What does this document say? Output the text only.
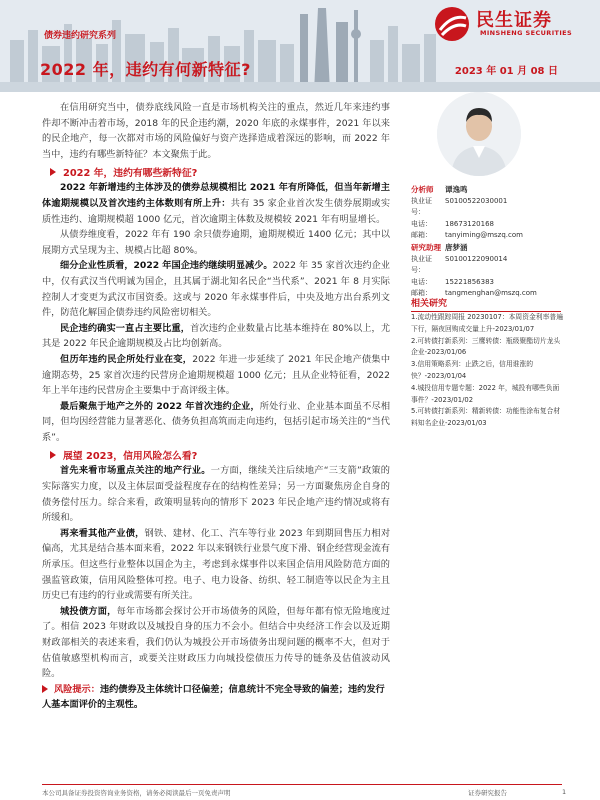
债券违约研究系列
2022 年，违约有何新特征?	2023 年 01 月 08 日
民生证券
MINSHENG SECURITIES

在信用研究当中，债券底线风险一直是市场机构关注的重点，然近几年来违约事件却不断冲击着市场，2018 年的民企违约潮，2020 年底的永煤事件，2021 年以来的民企地产，每一次都对市场的风险偏好与资产选择造成着深远的影响，而 2022 年当中，违约有哪些新特征？本文聚焦于此。

2022 年，违约有哪些新特征?

2022 年新增违约主体涉及的债券总规模相比 2021 年有所降低，但当年新增主体逾期规模以及首次违约主体数则有所上升：共有 35 家企业首次发生债券展期或实质性违约、逾期规模超 1000 亿元，首次逾期主体数及规模较 2021 年有明显增长。

从债券维度看，2022 年有 190 余只债券逾期，逾期规模近 1400 亿元；其中以展期方式呈现为主、规模占比超 80%。

细分企业性质看，2022 年国企违约继续明显减少。2022 年 35 家首次违约企业中，仅有武汉当代明诚为国企，且其属于湖北知名民企“当代系”、2021 年 8 月实际控制人才变更为武汉市国资委。这或与 2020 年永煤事件后，中央及地方出台系列文件，防范化解国企债券违约风险密切相关。

民企违约确实一直占主要比重，首次违约企业数量占比基本维持在 80%以上，尤其是 2022 年民企逾期规模及占比均创新高。

但历年违约民企所处行业在变，2022 年进一步延续了 2021 年民企地产债集中逾期态势，25 家首次违约民营房企逾期规模超 1000 亿元；且从企业特征看，2022 年上半年违约民营房企主要集中于高评级主体。

最后聚焦于地产之外的 2022 年首次违约企业，所处行业、企业基本面虽不尽相同，但均因经营能力显著恶化、债务负担高筑而走向违约，包括引起市场关注的“当代系”。

展望 2023，信用风险怎么看?

首先来看市场重点关注的地产行业。一方面，继续关注后续地产“三支箭”政策的实际落实力度，以及主体层面受益程度存在的结构性差异；另一方面聚焦房企自身的债务偿付压力。综合来看，政策明显转向的情形下 2023 年民企地产违约情况或将有所缓和。

再来看其他产业债，钢铁、建材、化工、汽车等行业 2023 年到期回售压力相对偏高，尤其是结合基本面来看，2022 年以来钢铁行业景气度下滑、钢企经营现金流有所承压。但这些行业整体以国企为主，考虑到永煤事件以来国企信用风险防范方面的强监管政策，信用风险整体可控。电子、电力设备、纺织、轻工制造等以民企为主且历史已有违约的行业或需要有所关注。

城投债方面，每年市场都会探讨公开市场债务的风险，但每年都有惊无险地度过了。相信 2023 年财政以及城投自身的压力不会小。但结合中央经济工作会以及近期财政部相关的表述来看，我们仍认为城投公开市场债务出现问题的概率不大，但对于估值敏感型机构而言，或要关注财政压力向城投偿债压力传导的链条及估值波动风险。

风险提示：违约债券及主体统计口径偏差；信息统计不完全导致的偏差；违约发行人基本面评价的主观性。
分析师	谭逸鸣
执业证号：
S0100522030001
电话：	18673120168
邮箱：	tanyiming@mszq.com
研究助理 唐梦涵
执业证号：
S0100122090014
电话：	15221856383
邮箱：	tangmenghan@mszq.com
相关研究
1.流动性跟踪周报 20230107：本周资金利率普遍下行，隔夜回购成交量上升-2023/01/07
2.可转债打新系列：三鹰转债：瓶级聚酯切片龙头企业-2023/01/06
3.信用策略系列：止跌之后，信用谁涨的快？-2023/01/04
4.城投信用专题专题：2022 年，城投有哪些负面事件？-2023/01/02
5.可转债打新系列：精新转债：功能性涂布复合材料知名企业-2023/01/03
本公司具备证券投资咨询业务资格，请务必阅读最后一页免责声明	证券研究报告	1
